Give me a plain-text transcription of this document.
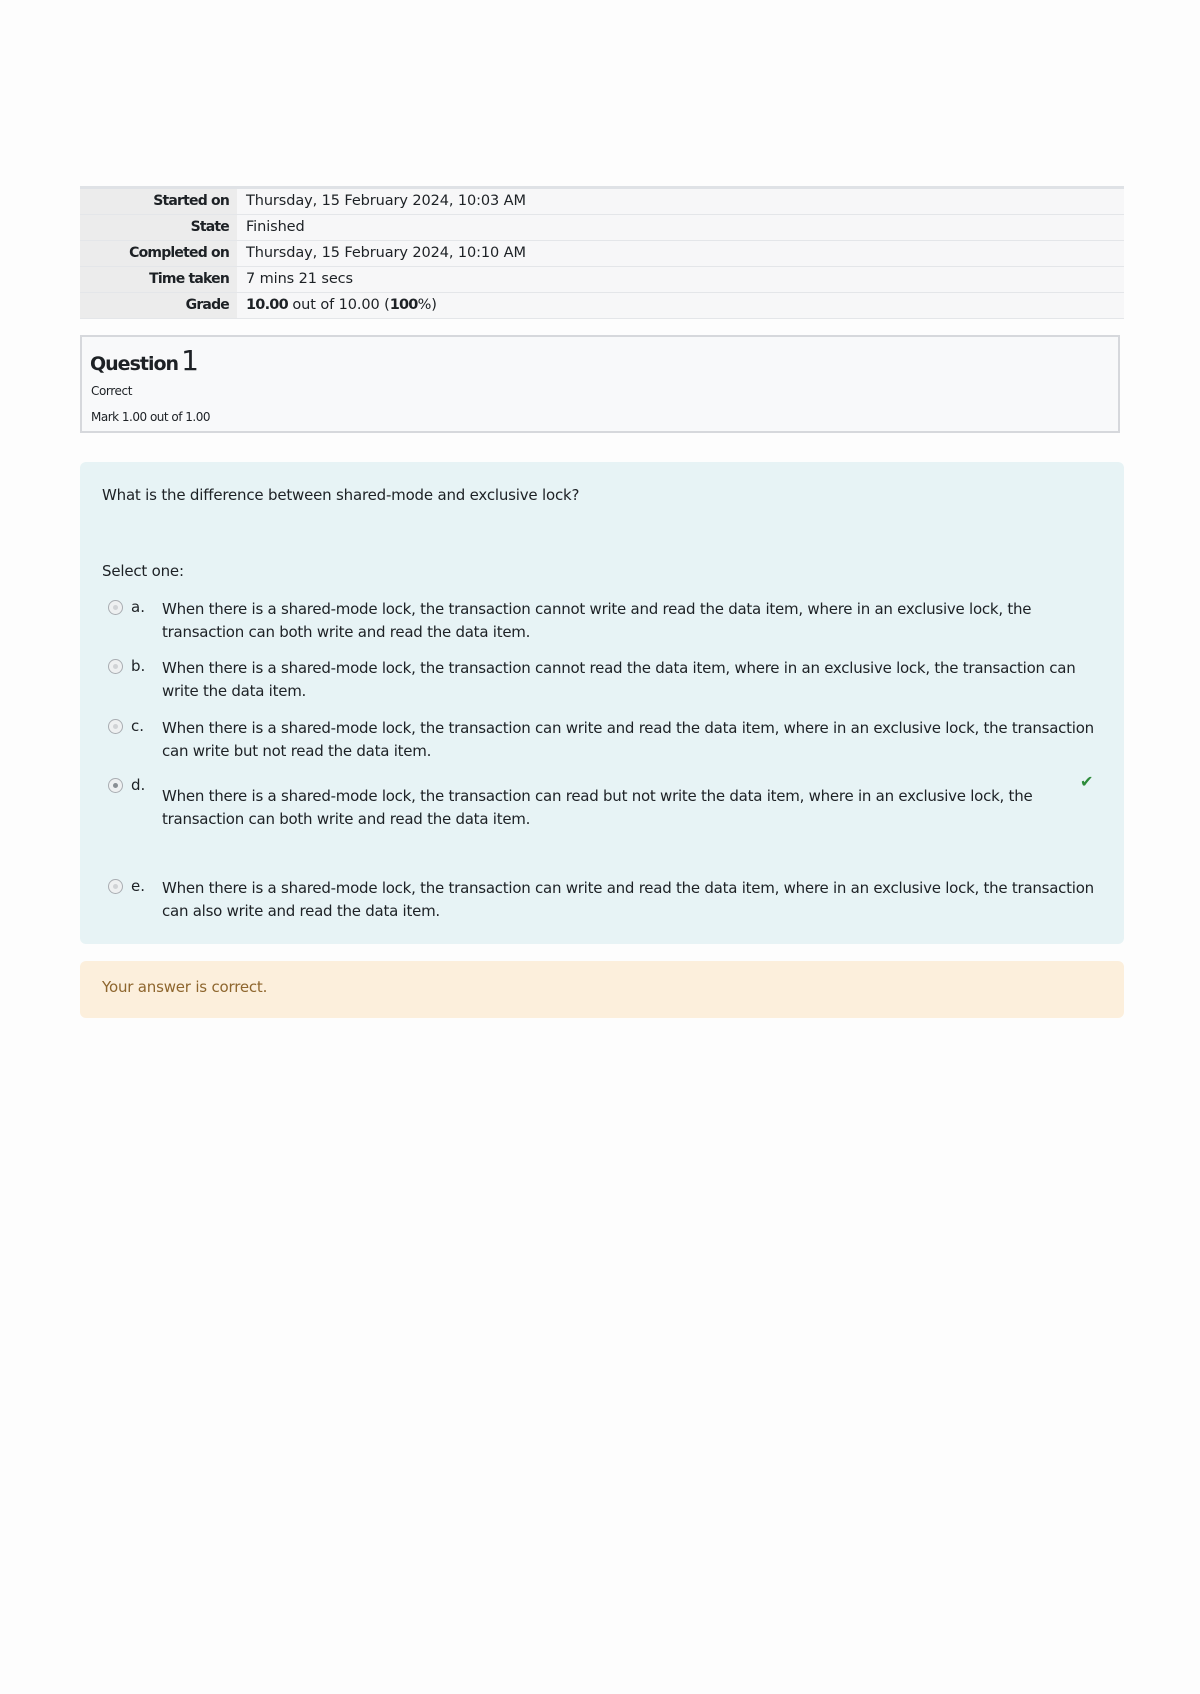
Started on	Thursday, 15 February 2024, 10:03 AM
State	Finished
Completed on	Thursday, 15 February 2024, 10:10 AM
Time taken	7 mins 21 secs
Grade	10.00 out of 10.00 (100%)
Question 1
Correct
Mark 1.00 out of 1.00
What is the difference between shared-mode and exclusive lock?
Select one:
a. When there is a shared-mode lock, the transaction cannot write and read the data item, where in an exclusive lock, the transaction can both write and read the data item.
b. When there is a shared-mode lock, the transaction cannot read the data item, where in an exclusive lock, the transaction can write the data item.
c. When there is a shared-mode lock, the transaction can write and read the data item, where in an exclusive lock, the transaction can write but not read the data item.
d.
When there is a shared-mode lock, the transaction can read but not write the data item, where in an exclusive lock, the transaction can both write and read the data item.
e. When there is a shared-mode lock, the transaction can write and read the data item, where in an exclusive lock, the transaction can also write and read the data item.
✔
Your answer is correct.
